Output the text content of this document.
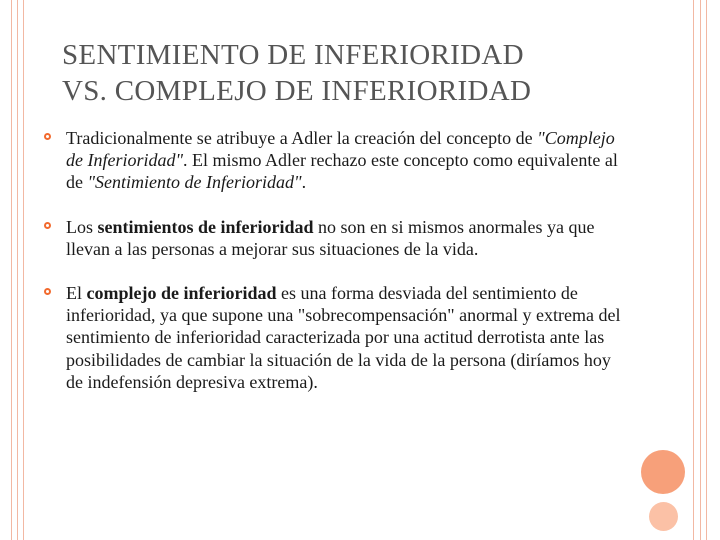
SENTIMIENTO DE INFERIORIDAD
VS. COMPLEJO DE INFERIORIDAD
Tradicionalmente se atribuye a Adler la creación del concepto de "Complejo de Inferioridad". El mismo Adler rechazo este concepto como equivalente al de "Sentimiento de Inferioridad".
Los sentimientos de inferioridad no son en si mismos anormales ya que llevan a las personas a mejorar sus situaciones de la vida.
El complejo de inferioridad es una forma desviada del sentimiento de inferioridad, ya que supone una "sobrecompensación" anormal y extrema del sentimiento de inferioridad caracterizada por una actitud derrotista ante las posibilidades de cambiar la situación de la vida de la persona (diríamos hoy de indefensión depresiva extrema).
